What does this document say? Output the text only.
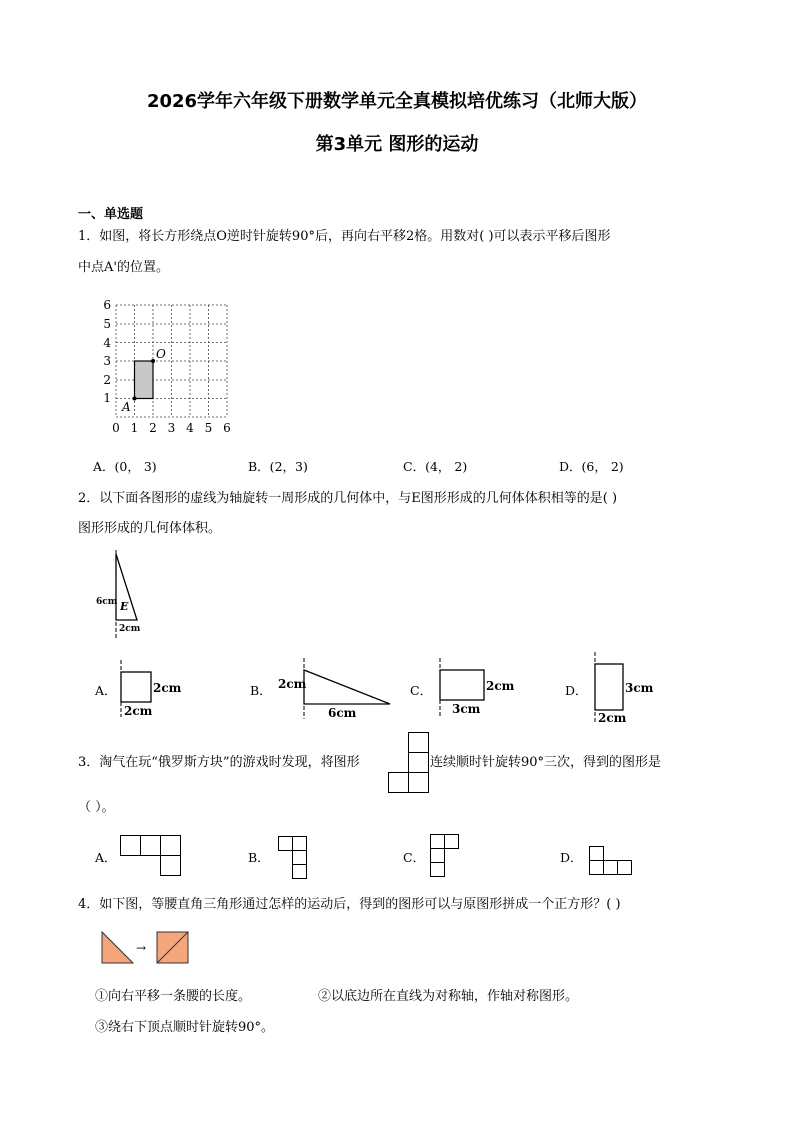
2026学年六年级下册数学单元全真模拟培优练习（北师大版）
第3单元 图形的运动
一、单选题
1．如图，将长方形绕点O逆时针旋转90°后，再向右平移2格。用数对( )可以表示平移后图形
中点A'的位置。
O
A
0 1 2 3 4 5 6
1
2
3
4
5
6
A．(0， 3)	B．(2，3)	C．(4， 2)	D．(6， 2)
2．以下面各图形的虚线为轴旋转一周形成的几何体中，与E图形形成的几何体体积相等的是( )
图形形成的几何体体积。
E
6cm
2cm
A．	2cm
2cm
B． 2cm
6cm
C．	2cm
3cm
D．	3cm
2cm
3．淘气在玩“俄罗斯方块”的游戏时发现，将图形	连续顺时针旋转90°三次，得到的图形是
（ ）。
A．	B．	C．	D．
4．如下图，等腰直角三角形通过怎样的运动后，得到的图形可以与原图形拼成一个正方形？( )
→
①向右平移一条腰的长度。	②以底边所在直线为对称轴，作轴对称图形。
③绕右下顶点顺时针旋转90°。
